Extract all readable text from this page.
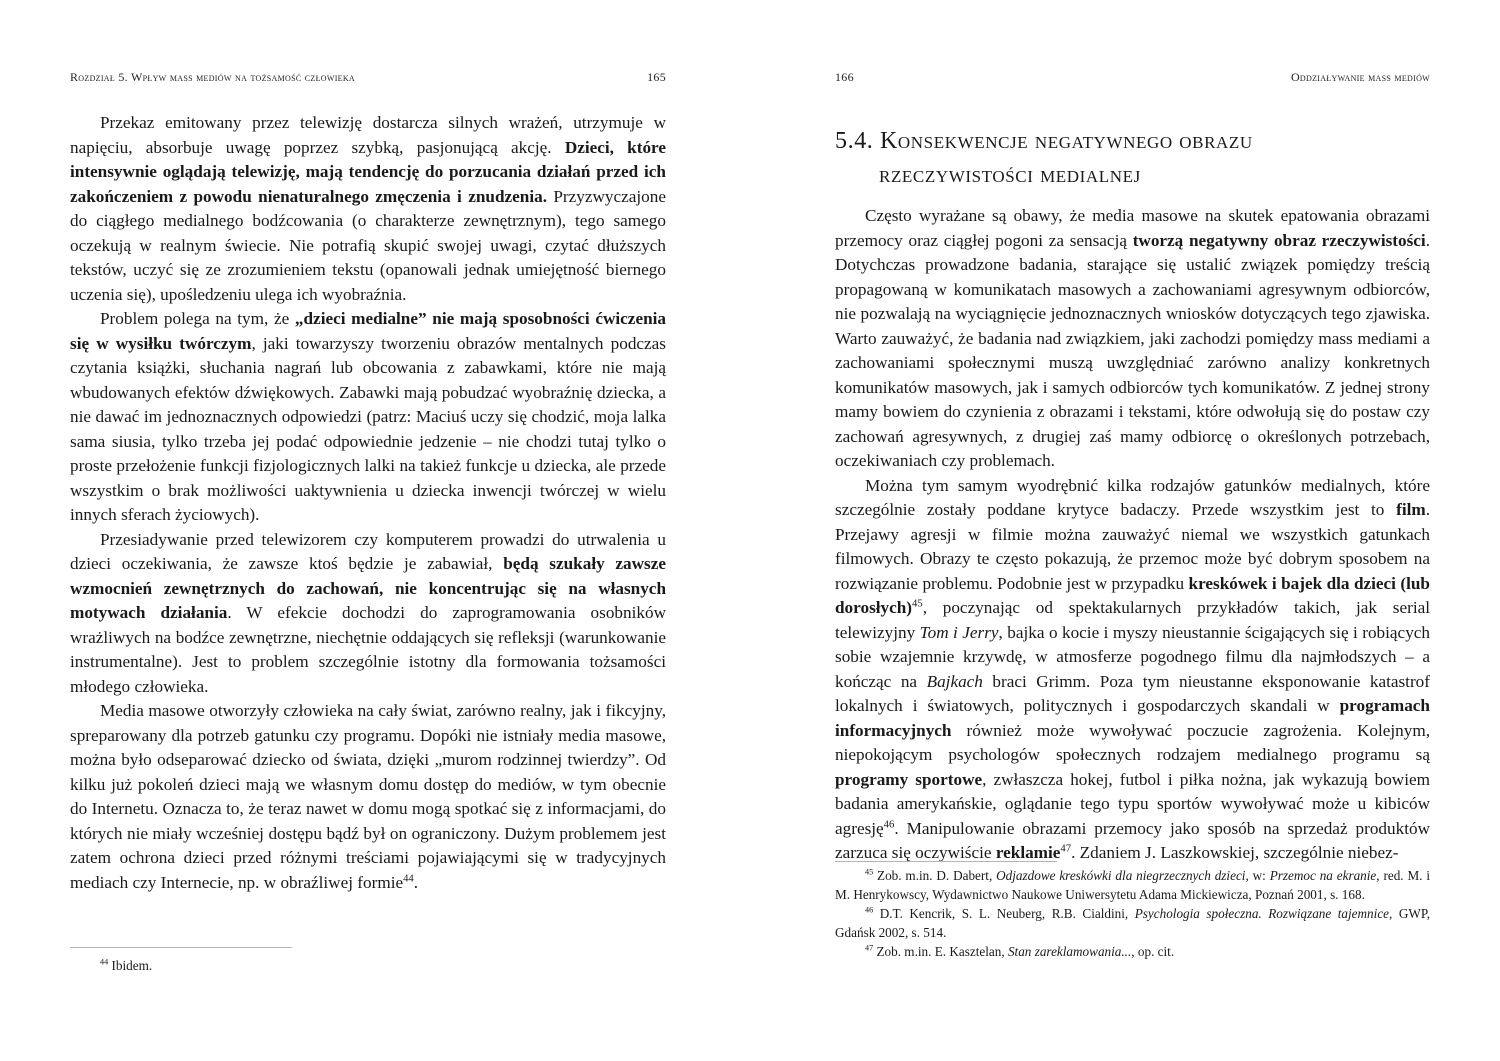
Rozdział 5. Wpływ mass mediów na tożsamość człowieka	165

Przekaz emitowany przez telewizję dostarcza silnych wrażeń, utrzymuje w napięciu, absorbuje uwagę poprzez szybką, pasjonującą akcję. Dzieci, które intensywnie oglądają telewizję, mają tendencję do porzucania działań przed ich zakończeniem z powodu nienaturalnego zmęczenia i znudzenia. Przyzwyczajone do ciągłego medialnego bodźcowania (o charakterze zewnętrznym), tego samego oczekują w realnym świecie. Nie potrafią skupić swojej uwagi, czytać dłuższych tekstów, uczyć się ze zrozumieniem tekstu (opanowali jednak umiejętność biernego uczenia się), upośledzeniu ulega ich wyobraźnia.

Problem polega na tym, że „dzieci medialne” nie mają sposobności ćwiczenia się w wysiłku twórczym, jaki towarzyszy tworzeniu obrazów mentalnych podczas czytania książki, słuchania nagrań lub obcowania z zabawkami, które nie mają wbudowanych efektów dźwiękowych. Zabawki mają pobudzać wyobraźnię dziecka, a nie dawać im jednoznacznych odpowiedzi (patrz: Maciuś uczy się chodzić, moja lalka sama siusia, tylko trzeba jej podać odpowiednie jedzenie – nie chodzi tutaj tylko o proste przełożenie funkcji fizjologicznych lalki na takież funkcje u dziecka, ale przede wszystkim o brak możliwości uaktywnienia u dziecka inwencji twórczej w wielu innych sferach życiowych).

Przesiadywanie przed telewizorem czy komputerem prowadzi do utrwalenia u dzieci oczekiwania, że zawsze ktoś będzie je zabawiał, będą szukały zawsze wzmocnień zewnętrznych do zachowań, nie koncentrując się na własnych motywach działania. W efekcie dochodzi do zaprogramowania osobników wrażliwych na bodźce zewnętrzne, niechętnie oddających się refleksji (warunkowanie instrumentalne). Jest to problem szczególnie istotny dla formowania tożsamości młodego człowieka.

Media masowe otworzyły człowieka na cały świat, zarówno realny, jak i fikcyjny, spreparowany dla potrzeb gatunku czy programu. Dopóki nie istniały media masowe, można było odseparować dziecko od świata, dzięki „murom rodzinnej twierdzy”. Od kilku już pokoleń dzieci mają we własnym domu dostęp do mediów, w tym obecnie do Internetu. Oznacza to, że teraz nawet w domu mogą spotkać się z informacjami, do których nie miały wcześniej dostępu bądź był on ograniczony. Dużym problemem jest zatem ochrona dzieci przed różnymi treściami pojawiającymi się w tradycyjnych mediach czy Internecie, np. w obraźliwej formie$^{44}$.

$^{44}$ Ibidem.

166	Oddziaływanie mass mediów
5.4. Konsekwencje negatywnego obrazu
rzeczywistości medialnej

Często wyrażane są obawy, że media masowe na skutek epatowania obrazami przemocy oraz ciągłej pogoni za sensacją tworzą negatywny obraz rzeczywistości. Dotychczas prowadzone badania, starające się ustalić związek pomiędzy treścią propagowaną w komunikatach masowych a zachowaniami agresywnym odbiorców, nie pozwalają na wyciągnięcie jednoznacznych wniosków dotyczących tego zjawiska. Warto zauważyć, że badania nad związkiem, jaki zachodzi pomiędzy mass mediami a zachowaniami społecznymi muszą uwzględniać zarówno analizy konkretnych komunikatów masowych, jak i samych odbiorców tych komunikatów. Z jednej strony mamy bowiem do czynienia z obrazami i tekstami, które odwołują się do postaw czy zachowań agresywnych, z drugiej zaś mamy odbiorcę o określonych potrzebach, oczekiwaniach czy problemach.

Można tym samym wyodrębnić kilka rodzajów gatunków medialnych, które szczególnie zostały poddane krytyce badaczy. Przede wszystkim jest to film. Przejawy agresji w filmie można zauważyć niemal we wszystkich gatunkach filmowych. Obrazy te często pokazują, że przemoc może być dobrym sposobem na rozwiązanie problemu. Podobnie jest w przypadku kreskówek i bajek dla dzieci (lub dorosłych)$^{45}$, poczynając od spektakularnych przykładów takich, jak serial telewizyjny Tom i Jerry, bajka o kocie i myszy nieustannie ścigających się i robiących sobie wzajemnie krzywdę, w atmosferze pogodnego filmu dla najmłodszych – a kończąc na Bajkach braci Grimm. Poza tym nieustanne eksponowanie katastrof lokalnych i światowych, politycznych i gospodarczych skandali w programach informacyjnych również może wywoływać poczucie zagrożenia. Kolejnym, niepokojącym psychologów społecznych rodzajem medialnego programu są programy sportowe, zwłaszcza hokej, futbol i piłka nożna, jak wykazują bowiem badania amerykańskie, oglądanie tego typu sportów wywoływać może u kibiców agresję$^{46}$. Manipulowanie obrazami przemocy jako sposób na sprzedaż produktów zarzuca się oczywiście reklamie$^{47}$. Zdaniem J. Laszkowskiej, szczególnie niebez-

$^{45}$ Zob. m.in. D. Dabert, Odjazdowe kreskówki dla niegrzecznych dzieci, w: Przemoc na ekranie, red. M. i M. Henrykowscy, Wydawnictwo Naukowe Uniwersytetu Adama Mickiewicza, Poznań 2001, s. 168.

$^{46}$ D.T. Kencrik, S. L. Neuberg, R.B. Cialdini, Psychologia społeczna. Rozwiązane tajemnice, GWP, Gdańsk 2002, s. 514.

$^{47}$ Zob. m.in. E. Kasztelan, Stan zareklamowania..., op. cit.
